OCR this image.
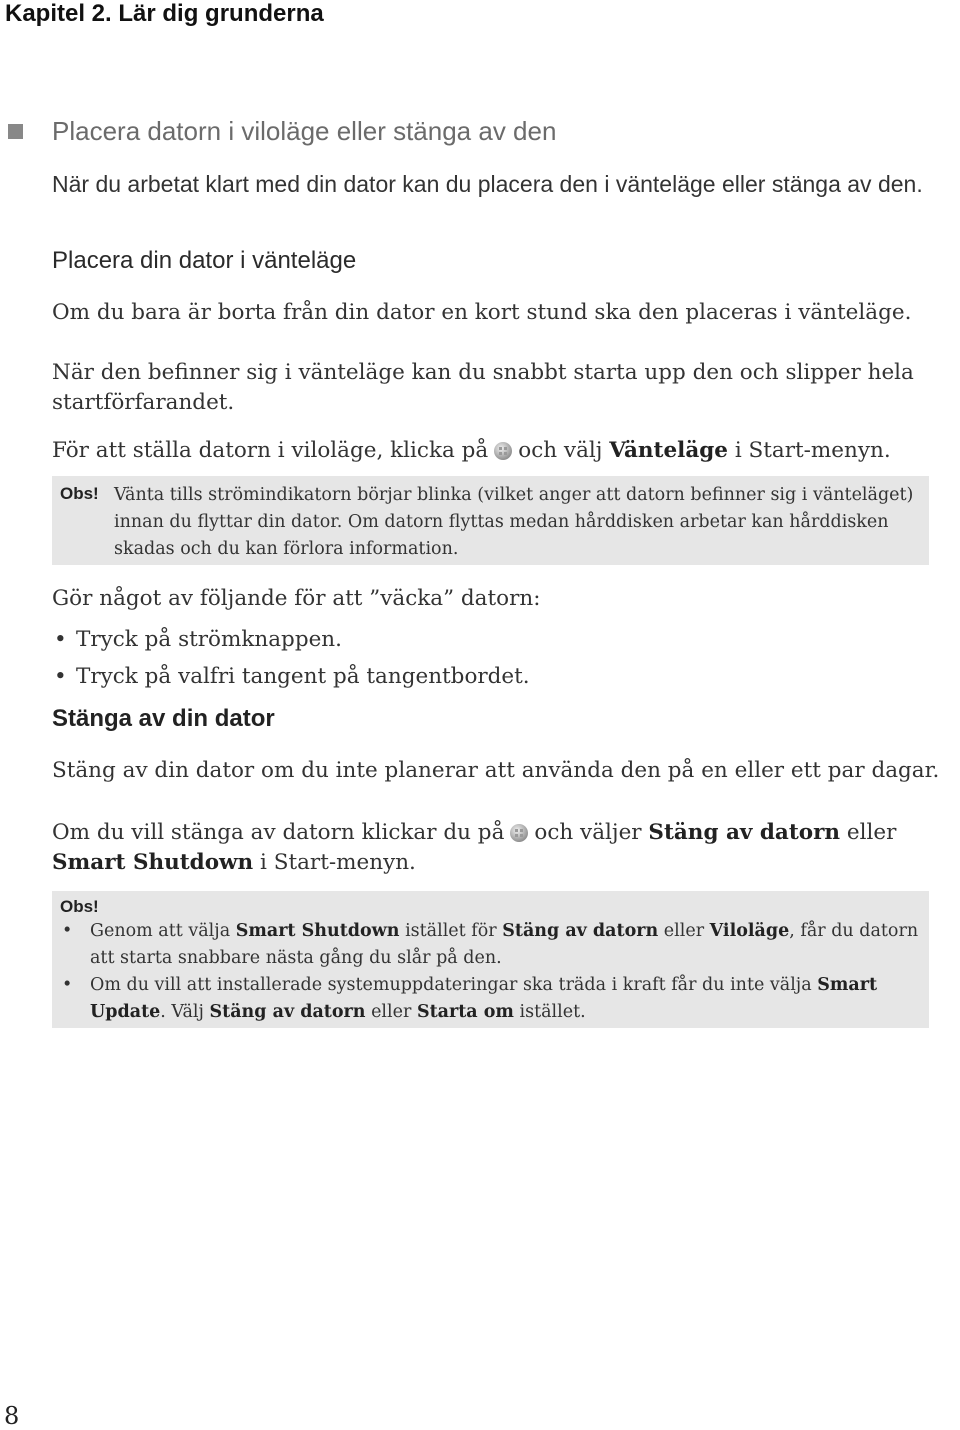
Kapitel 2. Lär dig grunderna
Placera datorn i viloläge eller stänga av den
När du arbetat klart med din dator kan du placera den i vänteläge eller stänga av den.
Placera din dator i vänteläge
Om du bara är borta från din dator en kort stund ska den placeras i vänteläge.
När den befinner sig i vänteläge kan du snabbt starta upp den och slipper hela startförfarandet.
För att ställa datorn i viloläge, klicka på och välj Vänteläge i Start-menyn.
Obs! Vänta tills strömindikatorn börjar blinka (vilket anger att datorn befinner sig i vänteläget) innan du flyttar din dator. Om datorn flyttas medan hårddisken arbetar kan hårddisken skadas och du kan förlora information.
Gör något av följande för att ”väcka” datorn:
• Tryck på strömknappen.
• Tryck på valfri tangent på tangentbordet.
Stänga av din dator
Stäng av din dator om du inte planerar att använda den på en eller ett par dagar.
Om du vill stänga av datorn klickar du på och väljer Stäng av datorn eller Smart Shutdown i Start-menyn.
Obs!
• Genom att välja Smart Shutdown istället för Stäng av datorn eller Viloläge, får du datorn att starta snabbare nästa gång du slår på den.
• Om du vill att installerade systemuppdateringar ska träda i kraft får du inte välja Smart Update. Välj Stäng av datorn eller Starta om istället.
8
